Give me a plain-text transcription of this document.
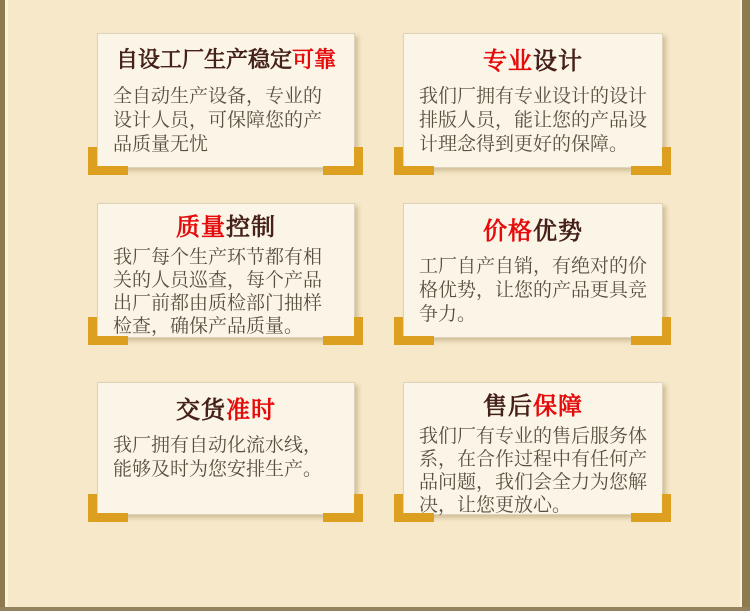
自设工厂生产稳定可靠

全自动生产设备，专业的设计人员，可保障您的产品质量无忧

专业设计

我们厂拥有专业设计的设计排版人员，能让您的产品设计理念得到更好的保障。

质量控制

我厂每个生产环节都有相关的人员巡查，每个产品出厂前都由质检部门抽样检查，确保产品质量。

价格优势

工厂自产自销，有绝对的价格优势，让您的产品更具竞争力。

交货准时

我厂拥有自动化流水线，能够及时为您安排生产。

售后保障

我们厂有专业的售后服务体系，在合作过程中有任何产品问题，我们会全力为您解决，让您更放心。
